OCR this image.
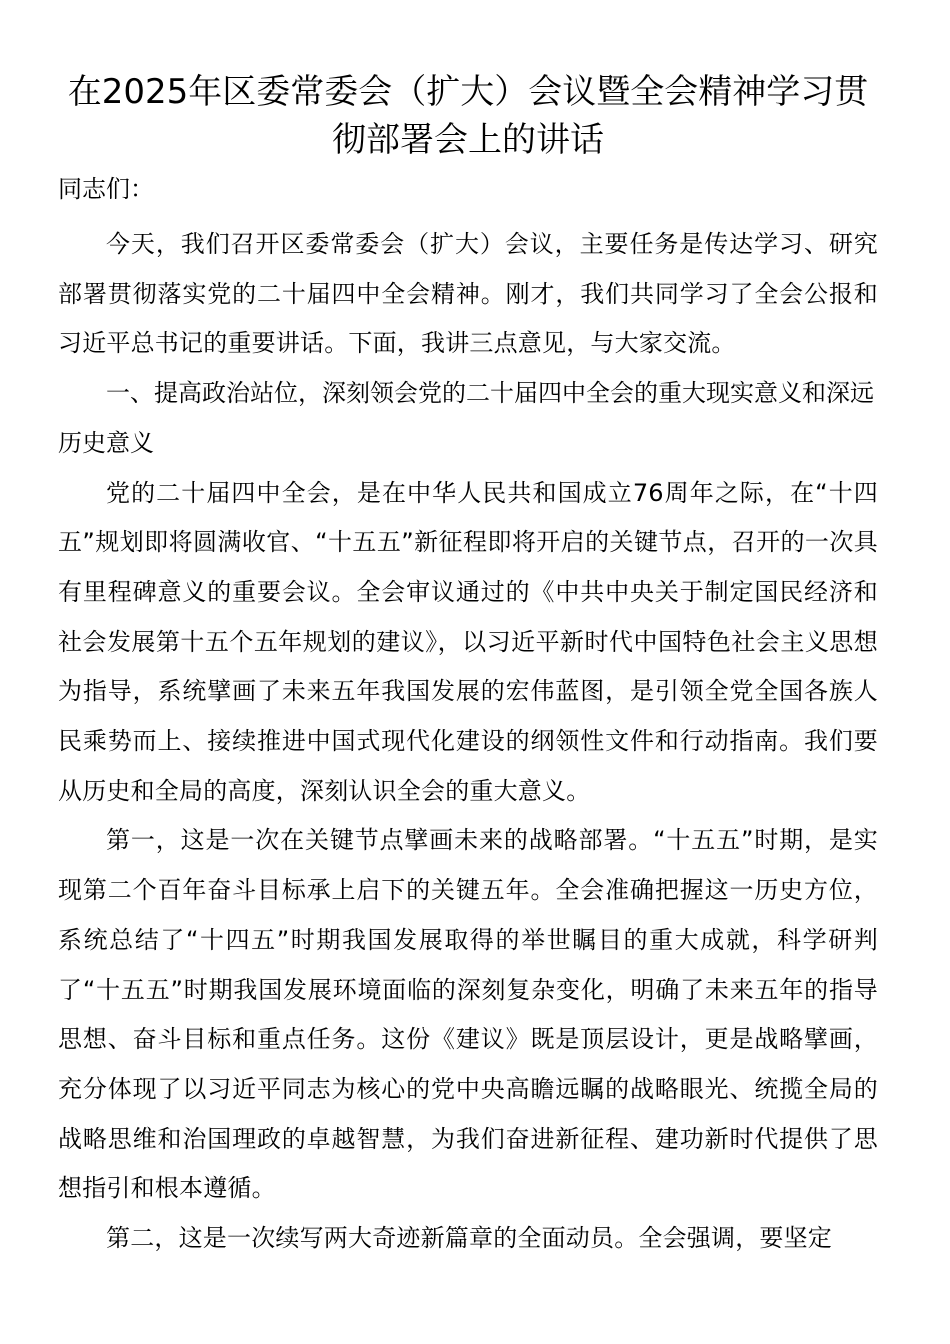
在2025年区委常委会（扩大）会议暨全会精神学习贯彻部署会上的讲话

同志们：

今天，我们召开区委常委会（扩大）会议，主要任务是传达学习、研究部署贯彻落实党的二十届四中全会精神。刚才，我们共同学习了全会公报和习近平总书记的重要讲话。下面，我讲三点意见，与大家交流。

一、提高政治站位，深刻领会党的二十届四中全会的重大现实意义和深远历史意义

党的二十届四中全会，是在中华人民共和国成立76周年之际，在“十四五”规划即将圆满收官、“十五五”新征程即将开启的关键节点，召开的一次具有里程碑意义的重要会议。全会审议通过的《中共中央关于制定国民经济和社会发展第十五个五年规划的建议》，以习近平新时代中国特色社会主义思想为指导，系统擘画了未来五年我国发展的宏伟蓝图，是引领全党全国各族人民乘势而上、接续推进中国式现代化建设的纲领性文件和行动指南。我们要从历史和全局的高度，深刻认识全会的重大意义。

第一，这是一次在关键节点擘画未来的战略部署。“十五五”时期，是实现第二个百年奋斗目标承上启下的关键五年。全会准确把握这一历史方位，系统总结了“十四五”时期我国发展取得的举世瞩目的重大成就，科学研判了“十五五”时期我国发展环境面临的深刻复杂变化，明确了未来五年的指导思想、奋斗目标和重点任务。这份《建议》既是顶层设计，更是战略擘画，充分体现了以习近平同志为核心的党中央高瞻远瞩的战略眼光、统揽全局的战略思维和治国理政的卓越智慧，为我们奋进新征程、建功新时代提供了思想指引和根本遵循。

第二，这是一次续写两大奇迹新篇章的全面动员。全会强调，要坚定
